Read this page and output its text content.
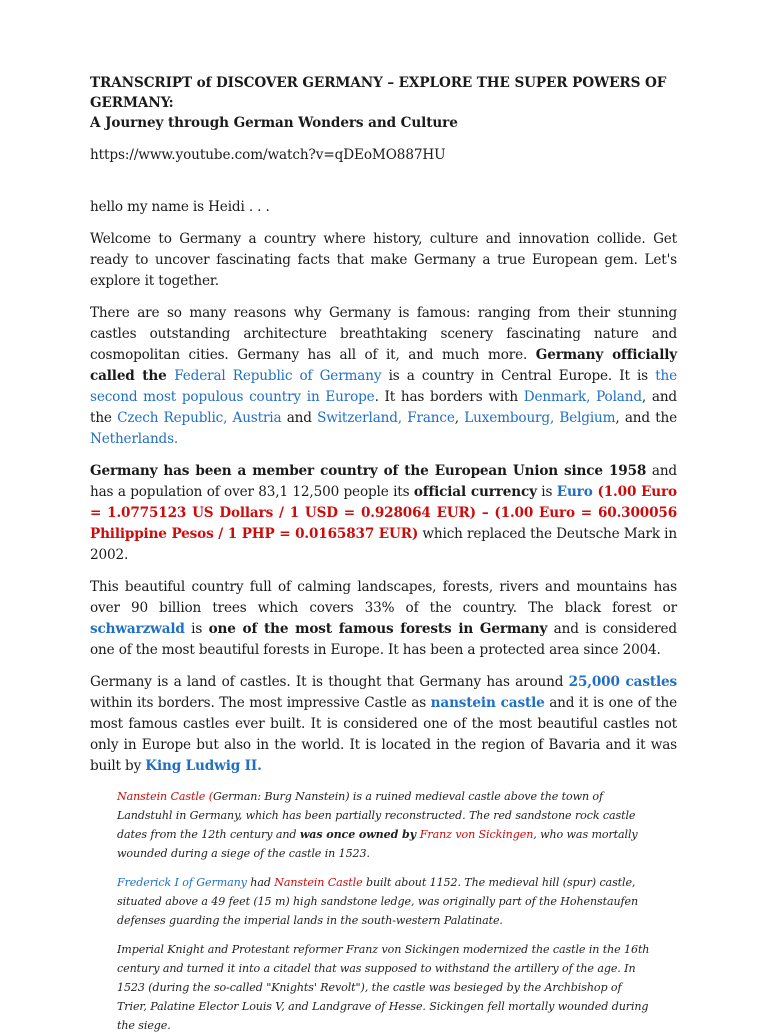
TRANSCRIPT of DISCOVER GERMANY – EXPLORE THE SUPER POWERS OF GERMANY:
A Journey through German Wonders and Culture

https://www.youtube.com/watch?v=qDEoMO887HU

hello my name is Heidi . . .

Welcome to Germany a country where history, culture and innovation collide. Get ready to uncover fascinating facts that make Germany a true European gem. Let's explore it together.

There are so many reasons why Germany is famous: ranging from their stunning castles outstanding architecture breathtaking scenery fascinating nature and cosmopolitan cities. Germany has all of it, and much more. Germany officially called the Federal Republic of Germany is a country in Central Europe. It is the second most populous country in Europe. It has borders with Denmark, Poland, and the Czech Republic, Austria and Switzerland, France, Luxembourg, Belgium, and the Netherlands.

Germany has been a member country of the European Union since 1958 and has a population of over 83,1 12,500 people its official currency is Euro (1.00 Euro = 1.0775123 US Dollars / 1 USD = 0.928064 EUR) – (1.00 Euro = 60.300056 Philippine Pesos / 1 PHP = 0.0165837 EUR) which replaced the Deutsche Mark in 2002.

This beautiful country full of calming landscapes, forests, rivers and mountains has over 90 billion trees which covers 33% of the country. The black forest or schwarzwald is one of the most famous forests in Germany and is considered one of the most beautiful forests in Europe. It has been a protected area since 2004.

Germany is a land of castles. It is thought that Germany has around 25,000 castles within its borders. The most impressive Castle as nanstein castle and it is one of the most famous castles ever built. It is considered one of the most beautiful castles not only in Europe but also in the world. It is located in the region of Bavaria and it was built by King Ludwig II.

Nanstein Castle (German: Burg Nanstein) is a ruined medieval castle above the town of Landstuhl in Germany, which has been partially reconstructed. The red sandstone rock castle dates from the 12th century and was once owned by Franz von Sickingen, who was mortally wounded during a siege of the castle in 1523.

Frederick I of Germany had Nanstein Castle built about 1152. The medieval hill (spur) castle, situated above a 49 feet (15 m) high sandstone ledge, was originally part of the Hohenstaufen defenses guarding the imperial lands in the south-western Palatinate.

Imperial Knight and Protestant reformer Franz von Sickingen modernized the castle in the 16th century and turned it into a citadel that was supposed to withstand the artillery of the age. In 1523 (during the so-called "Knights' Revolt"), the castle was besieged by the Archbishop of Trier, Palatine Elector Louis V, and Landgrave of Hesse. Sickingen fell mortally wounded during the siege.
